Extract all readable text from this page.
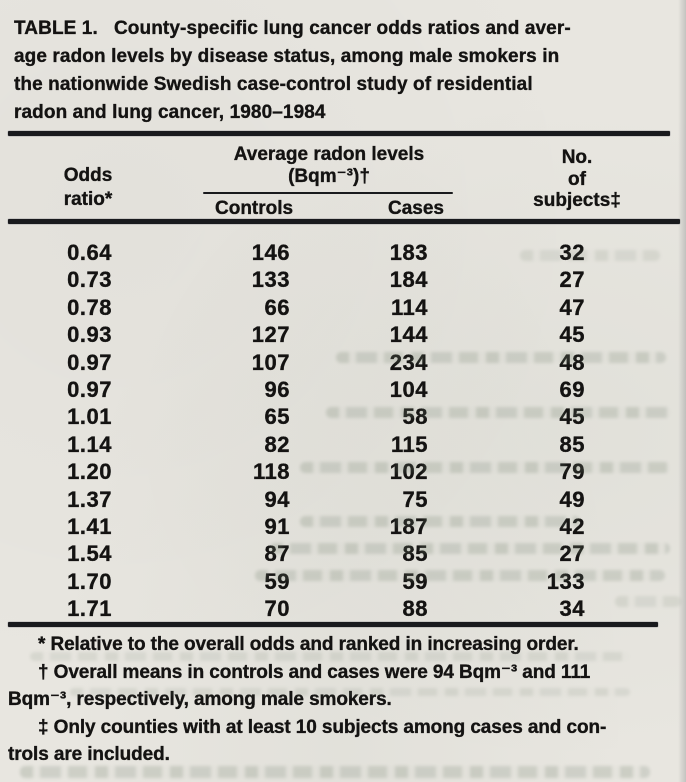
TABLE 1.   County-specific lung cancer odds ratios and aver-
age radon levels by disease status, among male smokers in
the nationwide Swedish case-control study of residential
radon and lung cancer, 1980–1984
Odds
ratio*
Average radon levels
(Bqm⁻³)†
Controls	Cases
No.
of
subjects‡
0.64	146	183	32
0.73	133	184	27
0.78	66	114	47
0.93	127	144	45
0.97	107	234	48
0.97	96	104	69
1.01	65	58	45
1.14	82	115	85
1.20	118	102	79
1.37	94	75	49
1.41	91	187	42
1.54	87	85	27
1.70	59	59	133
1.71	70	88	34
* Relative to the overall odds and ranked in increasing order.
† Overall means in controls and cases were 94 Bqm⁻³ and 111
Bqm⁻³, respectively, among male smokers.
‡ Only counties with at least 10 subjects among cases and con-
trols are included.
